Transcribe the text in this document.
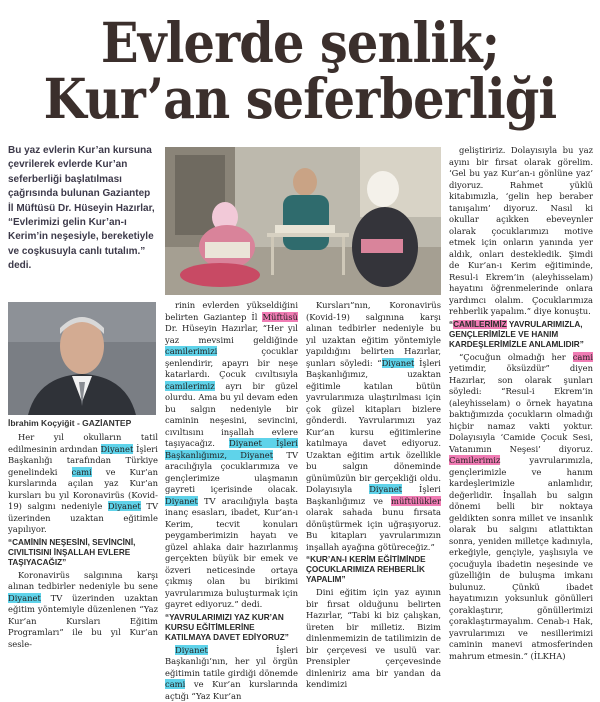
Evlerde şenlik;
Kur’an seferberliği

Bu yaz evlerin Kur’an kursuna çevrilerek evlerde Kur’an seferberliği başlatılması çağrısında bulunan Gaziantep İl Müftüsü Dr. Hüseyin Hazırlar, “Evlerimizi gelin Kur’an-ı Kerim’in neşesiyle, bereketiyle ve coşkusuyla canlı tutalım.” dedi.

İbrahim Koçyiğit - GAZİANTEP

Her yıl okulların tatil edilmesinin ardından Diyanet İşleri Başkanlığı tarafından Türkiye genelindeki cami ve Kur’an kurslarında açılan yaz Kur’an kursları bu yıl Koronavirüs (Kovid-19) salgını nedeniyle Diyanet TV üzerinden uzaktan eğitimle yapılıyor.

“CAMİNİN NEŞESİNİ, SEVİNCİNİ, CIVILTISINI İNŞALLAH EVLERE TAŞIYACAĞIZ”

Koronavirüs salgınına karşı alınan tedbirler nedeniyle bu sene Diyanet TV üzerinden uzaktan eğitim yöntemiyle düzenlenen “Yaz Kur’an Kursları Eğitim Programları” ile bu yıl Kur’an sesle-

rinin evlerden yükseldiğini belirten Gaziantep İl Müftüsü Dr. Hüseyin Hazırlar, “Her yıl yaz mevsimi geldiğinde camilerimizi çocuklar şenlendirir, apayrı bir neşe katarlardı. Çocuk cıvıltısıyla camilerimiz ayrı bir güzel olurdu. Ama bu yıl devam eden bu salgın nedeniyle bir caminin neşesini, sevincini, cıvıltısını inşallah evlere taşıyacağız. Diyanet İşleri Başkanlığımız, Diyanet TV aracılığıyla çocuklarımıza ve gençlerimize ulaşmanın gayreti içerisinde olacak. Diyanet TV aracılığıyla başta inanç esasları, ibadet, Kur’an-ı Kerim, tecvit konuları peygamberimizin hayatı ve güzel ahlaka dair hazırlanmış gerçekten büyük bir emek ve özveri neticesinde ortaya çıkmış olan bu birikimi yavrularımıza buluşturmak için gayret ediyoruz.” dedi.

“YAVRULARIMIZI YAZ KUR’AN KURSU EĞİTİMLERİNE KATILMAYA DAVET EDİYORUZ”

Diyanet İşleri Başkanlığı’nın, her yıl örgün eğitimin tatile girdiği dönemde cami ve Kur’an kurslarında açtığı “Yaz Kur’an

Kursları”nın, Koronavirüs (Kovid-19) salgınına karşı alınan tedbirler nedeniyle bu yıl uzaktan eğitim yöntemiyle yapıldığını belirten Hazırlar, şunları söyledi: “Diyanet İşleri Başkanlığımız, uzaktan eğitimle katılan bütün yavrularımıza ulaştırılması için çok güzel kitapları bizlere gönderdi. Yavrularımızı yaz Kur’an kursu eğitimlerine katılmaya davet ediyoruz. Uzaktan eğitim artık özellikle bu salgın döneminde günümüzün bir gerçekliği oldu. Dolayısıyla Diyanet İşleri Başkanlığımız ve müftülükler olarak sahada bunu fırsata dönüştürmek için uğraşıyoruz. Bu kitapları yavrularımızın inşallah ayağına götüreceğiz.”

“KUR’AN-I KERİM EĞİTİMİNDE ÇOCUKLARIMIZA REHBERLİK YAPALIM”

Dini eğitim için yaz ayının bir fırsat olduğunu belirten Hazırlar, “Tabi ki biz çalışkan, üreten bir milletiz. Bizim dinlenmemizin de tatilimizin de bir çerçevesi ve usulü var. Prensipler çerçevesinde dinleniriz ama bir yandan da kendimizi

geliştiririz. Dolayısıyla bu yaz ayını bir fırsat olarak görelim. ‘Gel bu yaz Kur’an-ı gönlüne yaz’ diyoruz. Rahmet yüklü kitabımızla, ‘gelin hep beraber tanışalım’ diyoruz. Nasıl ki okullar açıkken ebeveynler olarak çocuklarımızı motive etmek için onların yanında yer aldık, onları destekledik. Şimdi de Kur’an-ı Kerim eğitiminde, Resul-i Ekrem’in (aleyhisselam) hayatını öğrenmelerinde onlara yardımcı olalım. Çocuklarımıza rehberlik yapalım.” diye konuştu.

“CAMİLERİMİZ YAVRULARIMIZLA, GENÇLERİMİZLE VE HANIM KARDEŞLERİMİZLE ANLAMLIDIR”

“Çocuğun olmadığı her cami yetimdir, öksüzdür” diyen Hazırlar, son olarak şunları söyledi: “Resul-i Ekrem’in (aleyhisselam) o örnek hayatına baktığımızda çocukların olmadığı hiçbir namaz vakti yoktur. Dolayısıyla ‘Camide Çocuk Sesi, Vatanımın Neşesi’ diyoruz. Camilerimiz yavrularımızla, gençlerimizle ve hanım kardeşlerimizle anlamlıdır, değerlidir. İnşallah bu salgın dönemi belli bir noktaya geldikten sonra millet ve insanlık olarak bu salgını atlattıktan sonra, yeniden milletçe kadınıyla, erkeğiyle, gençiyle, yaşlısıyla ve çocuğuyla ibadetin neşesinde ve güzelliğin de buluşma imkanı bulunuz. Çünkü ibadet hayatımızın yoksunluk gönülleri çoraklaştırır, gönüllerimizi çoraklaştırmayalım. Cenab-ı Hak, yavrularımızı ve nesillerimizi caminin manevi atmosferinden mahrum etmesin.” (İLKHA)
